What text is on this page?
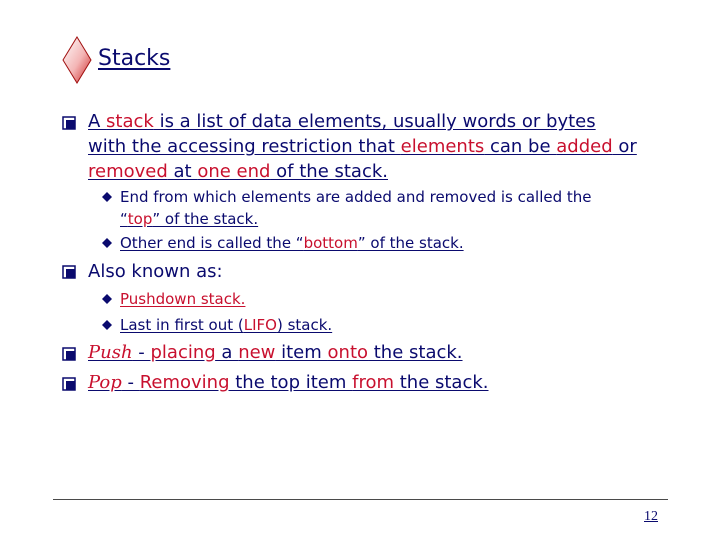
Stacks
A stack is a list of data elements, usually words or bytes
with the accessing restriction that elements can be added or
removed at one end of the stack.
End from which elements are added and removed is called the
“top” of the stack.
Other end is called the “bottom” of the stack.
Also known as:
Pushdown stack.
Last in first out (LIFO) stack.
Push - placing a new item onto the stack.
Pop - Removing the top item from the stack.
12
